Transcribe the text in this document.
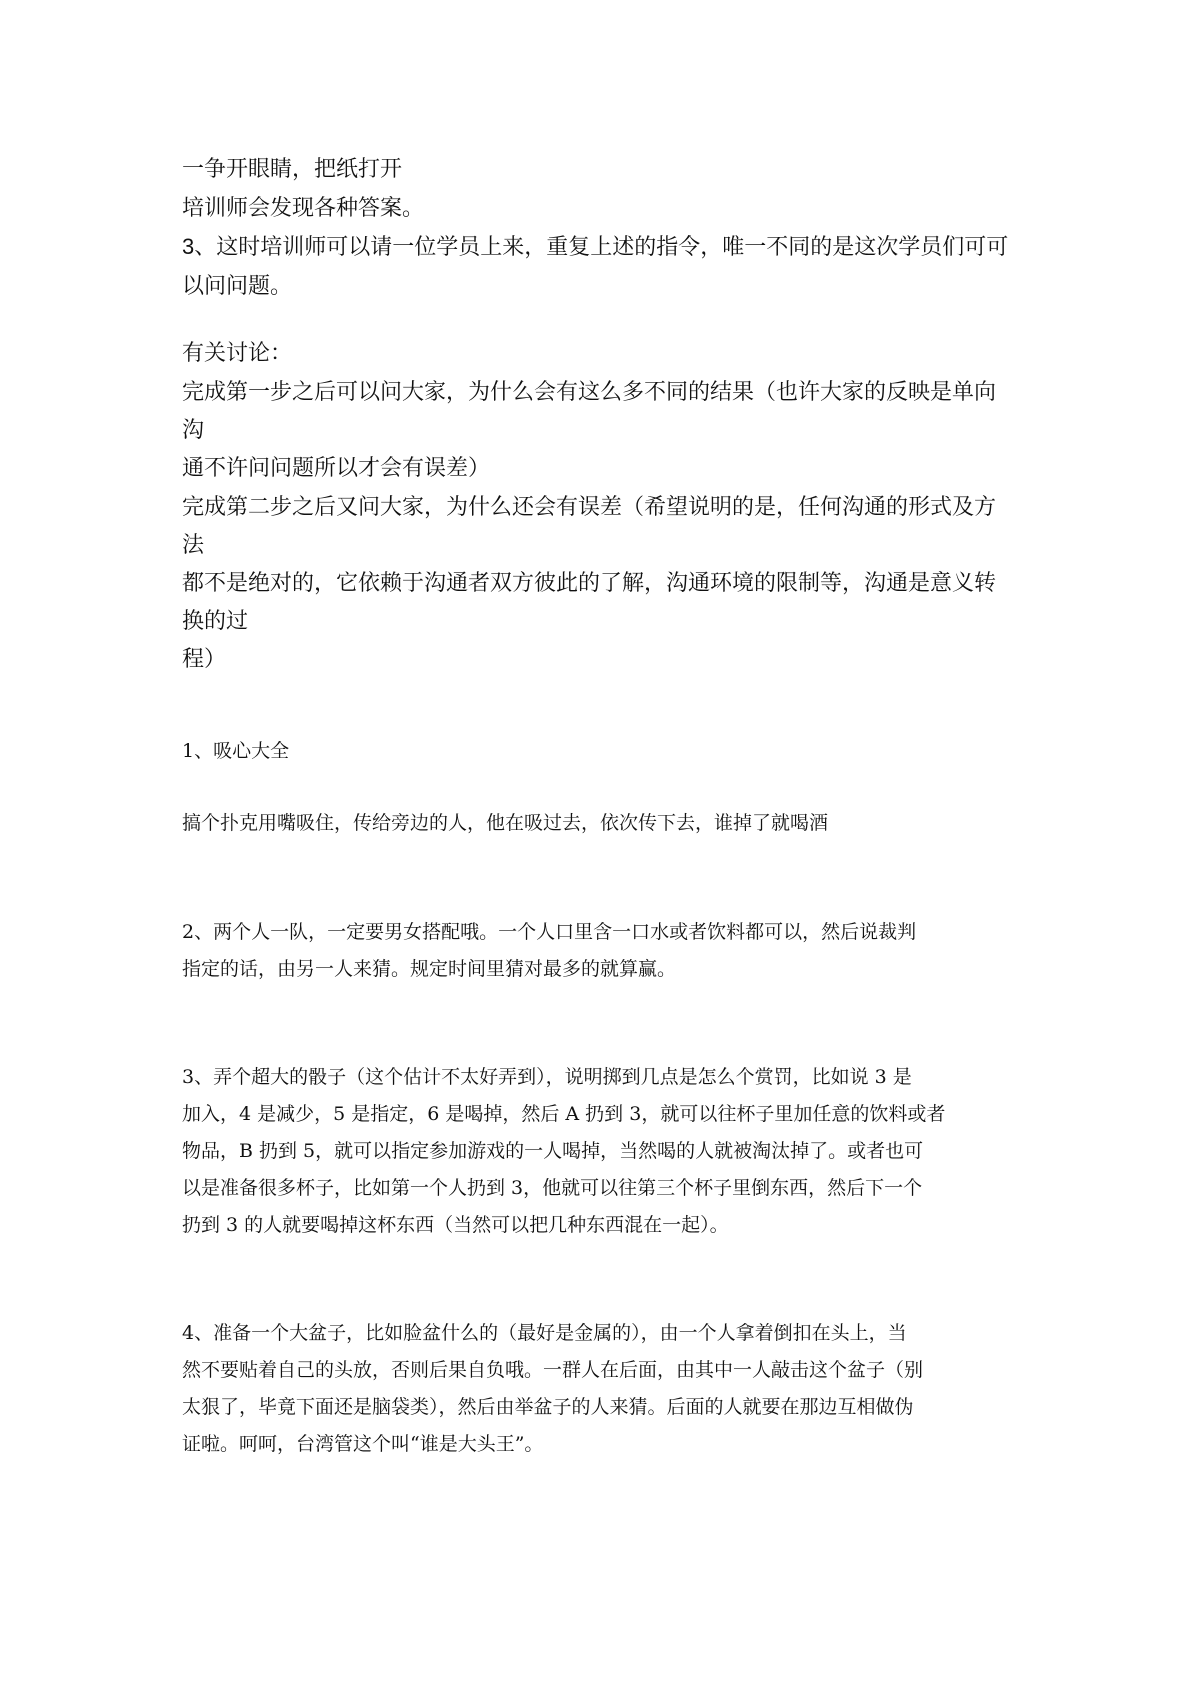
一争开眼睛，把纸打开

培训师会发现各种答案。

3、这时培训师可以请一位学员上来，重复上述的指令，唯一不同的是这次学员们可可

以问问题。

有关讨论：

完成第一步之后可以问大家，为什么会有这么多不同的结果（也许大家的反映是单向

沟

通不许问问题所以才会有误差）

完成第二步之后又问大家，为什么还会有误差（希望说明的是，任何沟通的形式及方

法

都不是绝对的，它依赖于沟通者双方彼此的了解，沟通环境的限制等，沟通是意义转

换的过

程）

1、吸心大全

搞个扑克用嘴吸住，传给旁边的人，他在吸过去，依次传下去，谁掉了就喝酒

2、两个人一队，一定要男女搭配哦。一个人口里含一口水或者饮料都可以，然后说裁判

指定的话，由另一人来猜。规定时间里猜对最多的就算赢。

3、弄个超大的骰子（这个估计不太好弄到），说明掷到几点是怎么个赏罚，比如说 3 是

加入，4 是减少，5 是指定，6 是喝掉，然后 A 扔到 3，就可以往杯子里加任意的饮料或者

物品，B 扔到 5，就可以指定参加游戏的一人喝掉，当然喝的人就被淘汰掉了。或者也可

以是准备很多杯子，比如第一个人扔到 3，他就可以往第三个杯子里倒东西，然后下一个

扔到 3 的人就要喝掉这杯东西（当然可以把几种东西混在一起）。

4、准备一个大盆子，比如脸盆什么的（最好是金属的），由一个人拿着倒扣在头上，当

然不要贴着自己的头放，否则后果自负哦。一群人在后面，由其中一人敲击这个盆子（别

太狠了，毕竟下面还是脑袋类），然后由举盆子的人来猜。后面的人就要在那边互相做伪

证啦。呵呵，台湾管这个叫“谁是大头王”。
